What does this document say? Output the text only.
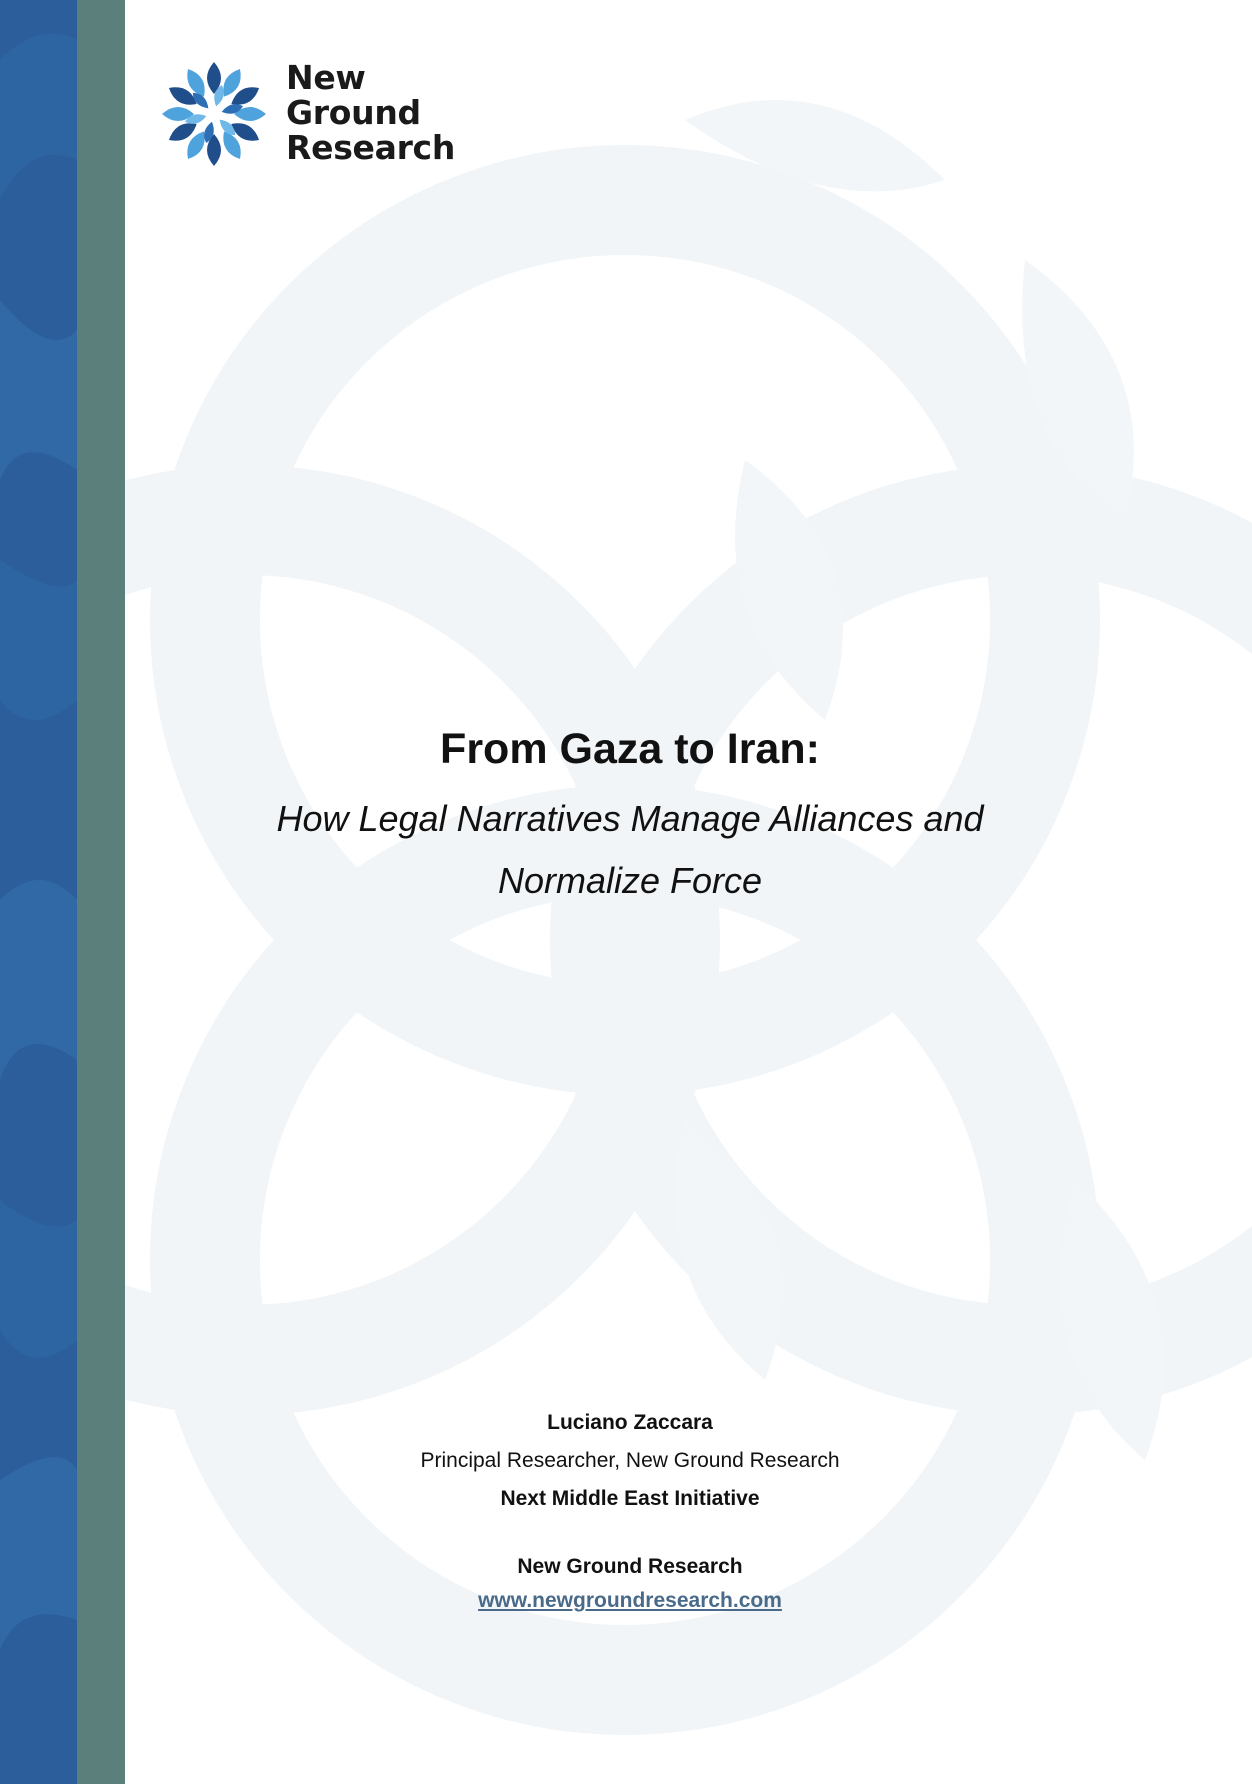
New
Ground
Research
From Gaza to Iran:

How Legal Narratives Manage Alliances and
Normalize Force

Luciano Zaccara
Principal Researcher, New Ground Research
Next Middle East Initiative
New Ground Research
www.newgroundresearch.com
